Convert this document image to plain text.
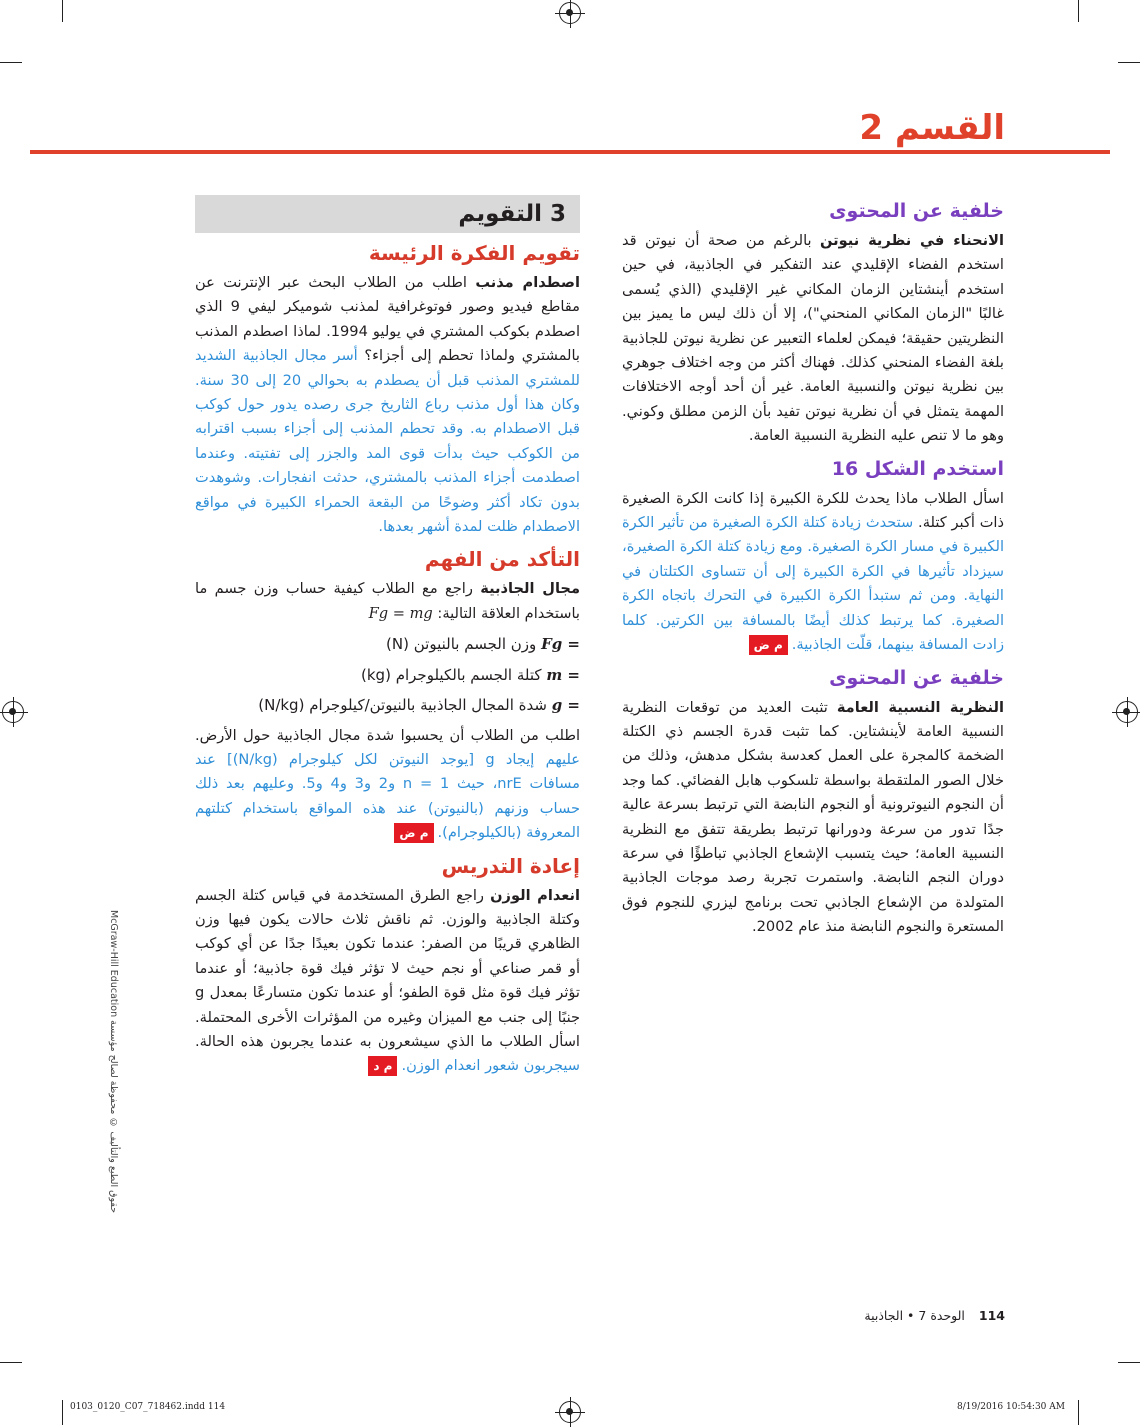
القسم 2
خلفية عن المحتوى

الانحناء في نظرية نيوتن بالرغم من صحة أن نيوتن قد استخدم الفضاء الإقليدي عند التفكير في الجاذبية، في حين استخدم أينشتاين الزمان المكاني غير الإقليدي (الذي يُسمى غالبًا "الزمان المكاني المنحني")، إلا أن ذلك ليس ما يميز بين النظريتين حقيقة؛ فيمكن لعلماء التعبير عن نظرية نيوتن للجاذبية بلغة الفضاء المنحني كذلك. فهناك أكثر من وجه اختلاف جوهري بين نظرية نيوتن والنسبية العامة. غير أن أحد أوجه الاختلافات المهمة يتمثل في أن نظرية نيوتن تفيد بأن الزمن مطلق وكوني. وهو ما لا تنص عليه النظرية النسبية العامة.

استخدم الشكل 16

اسأل الطلاب ماذا يحدث للكرة الكبيرة إذا كانت الكرة الصغيرة ذات أكبر كتلة. ستحدث زيادة كتلة الكرة الصغيرة من تأثير الكرة الكبيرة في مسار الكرة الصغيرة. ومع زيادة كتلة الكرة الصغيرة، سيزداد تأثيرها في الكرة الكبيرة إلى أن تتساوى الكتلتان في النهاية. ومن ثم ستبدأ الكرة الكبيرة في التحرك باتجاه الكرة الصغيرة. كما يرتبط كذلك أيضًا بالمسافة بين الكرتين. كلما زادت المسافة بينهما، قلّت الجاذبية.م ض

خلفية عن المحتوى

النظرية النسبية العامة تثبت العديد من توقعات النظرية النسبية العامة لأينشتاين. كما تثبت قدرة الجسم ذي الكتلة الضخمة كالمجرة على العمل كعدسة بشكل مدهش، وذلك من خلال الصور الملتقطة بواسطة تلسكوب هابل الفضائي. كما وجد أن النجوم النيوترونية أو النجوم النابضة التي ترتبط بسرعة عالية جدًا تدور من سرعة ودورانها ترتبط بطريقة تتفق مع النظرية النسبية العامة؛ حيث يتسبب الإشعاع الجاذبي تباطؤًا في سرعة دوران النجم النابضة. واستمرت تجربة رصد موجات الجاذبية المتولدة من الإشعاع الجاذبي تحت برنامج ليزري للنجوم فوق المستعرة والنجوم النابضة منذ عام 2002.

3 التقويم
تقويم الفكرة الرئيسة

اصطدام مذنب اطلب من الطلاب البحث عبر الإنترنت عن مقاطع فيديو وصور فوتوغرافية لمذنب شوميكر ليفي 9 الذي اصطدم بكوكب المشتري في يوليو 1994. لماذا اصطدم المذنب بالمشتري ولماذا تحطم إلى أجزاء؟ أسر مجال الجاذبية الشديد للمشتري المذنب قبل أن يصطدم به بحوالي 20 إلى 30 سنة. وكان هذا أول مذنب رباع الثاريخ جرى رصده يدور حول كوكب قبل الاصطدام به. وقد تحطم المذنب إلى أجزاء بسبب اقترابه من الكوكب حيث بدأت قوى المد والجزر إلى تفتيته. وعندما اصطدمت أجزاء المذنب بالمشتري، حدثت انفجارات. وشوهدت بدون تكاد أكثر وضوحًا من البقعة الحمراء الكبيرة في مواقع الاصطدام ظلت لمدة أشهر بعدها.

التأكد من الفهم

مجال الجاذبية راجع مع الطلاب كيفية حساب وزن جسم ما باستخدام العلاقة التالية: Fg = mg

Fg = وزن الجسم بالنيوتن (N)
m = كتلة الجسم بالكيلوجرام (kg)
g = شدة المجال الجاذبية بالنيوتن/كيلوجرام (N/kg)

اطلب من الطلاب أن يحسبوا شدة مجال الجاذبية حول الأرض. عليهم إيجاد g [يوجد النيوتن لكل كيلوجرام (N/kg)] عند مسافات nrE، حيث n = 1 و2 و3 و4 و5. وعليهم بعد ذلك حساب وزنهم (بالنيوتن) عند هذه المواقع باستخدام كتلتهم المعروفة (بالكيلوجرام).م ض

إعادة التدريس

انعدام الوزن راجع الطرق المستخدمة في قياس كتلة الجسم وكتلة الجاذبية والوزن. ثم ناقش ثلاث حالات يكون فيها وزن الظاهري قريبًا من الصفر: عندما تكون بعيدًا جدًا عن أي كوكب أو قمر صناعي أو نجم حيث لا تؤثر فيك قوة جاذبية؛ أو عندما تؤثر فيك قوة مثل قوة الطفو؛ أو عندما تكون متسارعًا بمعدل g جنبًا إلى جنب مع الميزان وغيره من المؤثرات الأخرى المحتملة. اسأل الطلاب ما الذي سيشعرون به عندما يجربون هذه الحالة. سيجربون شعور انعدام الوزن.م د

McGraw-Hill Education حقوق الطبع والتأليف © محفوظة لصالح مؤسسة
114 الوحدة 7 • الجاذبية
0103_0120_C07_718462.indd 114	8/19/2016 10:54:30 AM
